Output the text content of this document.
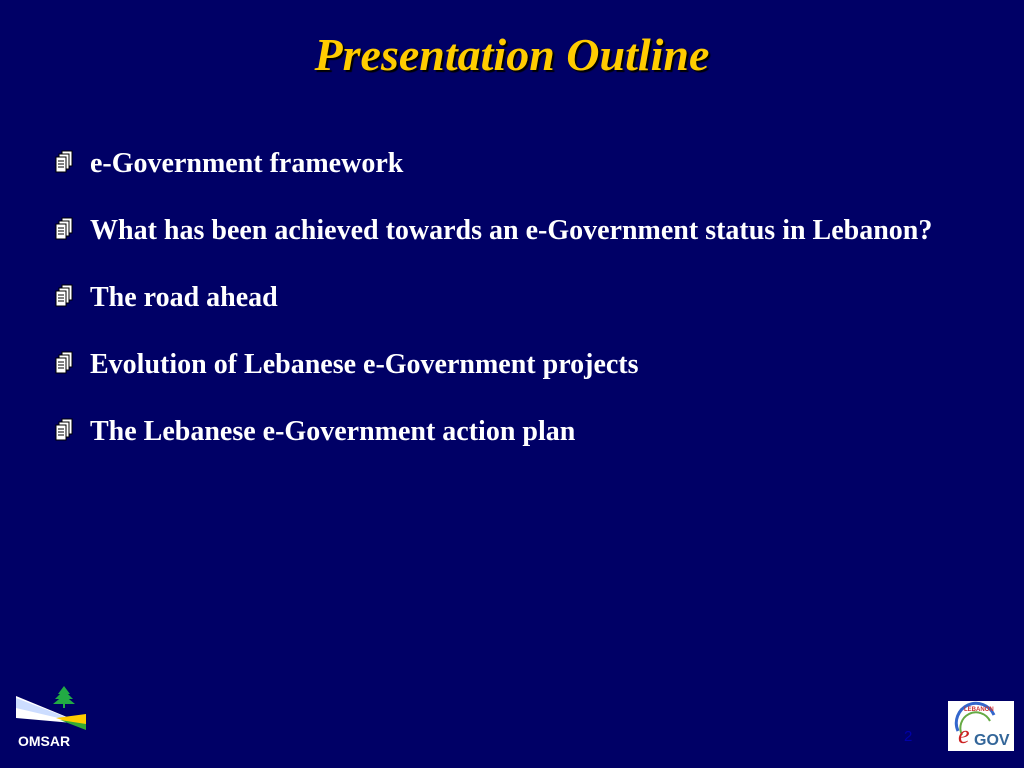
Presentation Outline
e-Government framework
What has been achieved towards an e-Government status in Lebanon?
The road ahead
Evolution of Lebanese e-Government projects
The Lebanese e-Government action plan
OMSAR
LEBANON
e GOV
2
